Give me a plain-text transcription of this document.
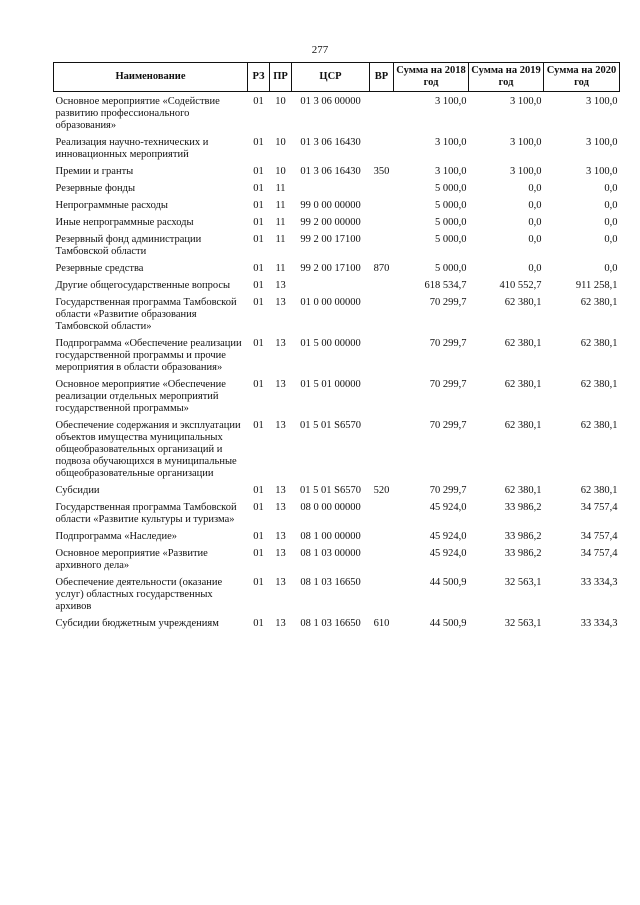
277
Наименование	РЗ	ПР	ЦСР	ВР	Сумма на 2018 год	Сумма на 2019 год	Сумма на 2020 год
Основное мероприятие «Содействие развитию профессионального образования»	01	10	01 3 06 00000		3 100,0	3 100,0	3 100,0
Реализация научно-технических и инновационных мероприятий	01	10	01 3 06 16430		3 100,0	3 100,0	3 100,0
Премии и гранты	01	10	01 3 06 16430	350	3 100,0	3 100,0	3 100,0
Резервные фонды	01	11			5 000,0	0,0	0,0
Непрограммные расходы	01	11	99 0 00 00000		5 000,0	0,0	0,0
Иные непрограммные расходы	01	11	99 2 00 00000		5 000,0	0,0	0,0
Резервный фонд администрации Тамбовской области	01	11	99 2 00 17100		5 000,0	0,0	0,0
Резервные средства	01	11	99 2 00 17100	870	5 000,0	0,0	0,0
Другие общегосударственные вопросы	01	13			618 534,7	410 552,7	911 258,1
Государственная программа Тамбовской области «Развитие образования Тамбовской области»	01	13	01 0 00 00000		70 299,7	62 380,1	62 380,1
Подпрограмма «Обеспечение реализации государственной программы и прочие мероприятия в области образования»	01	13	01 5 00 00000		70 299,7	62 380,1	62 380,1
Основное мероприятие «Обеспечение реализации отдельных мероприятий государственной программы»	01	13	01 5 01 00000		70 299,7	62 380,1	62 380,1
Обеспечение содержания и эксплуатации объектов имущества муниципальных общеобразовательных организаций и подвоза обучающихся в муниципальные общеобразовательные организации	01	13	01 5 01 S6570		70 299,7	62 380,1	62 380,1
Субсидии	01	13	01 5 01 S6570	520	70 299,7	62 380,1	62 380,1
Государственная программа Тамбовской области «Развитие культуры и туризма»	01	13	08 0 00 00000		45 924,0	33 986,2	34 757,4
Подпрограмма «Наследие»	01	13	08 1 00 00000		45 924,0	33 986,2	34 757,4
Основное мероприятие «Развитие архивного дела»	01	13	08 1 03 00000		45 924,0	33 986,2	34 757,4
Обеспечение деятельности (оказание услуг) областных государственных архивов	01	13	08 1 03 16650		44 500,9	32 563,1	33 334,3
Субсидии бюджетным учреждениям	01	13	08 1 03 16650	610	44 500,9	32 563,1	33 334,3
